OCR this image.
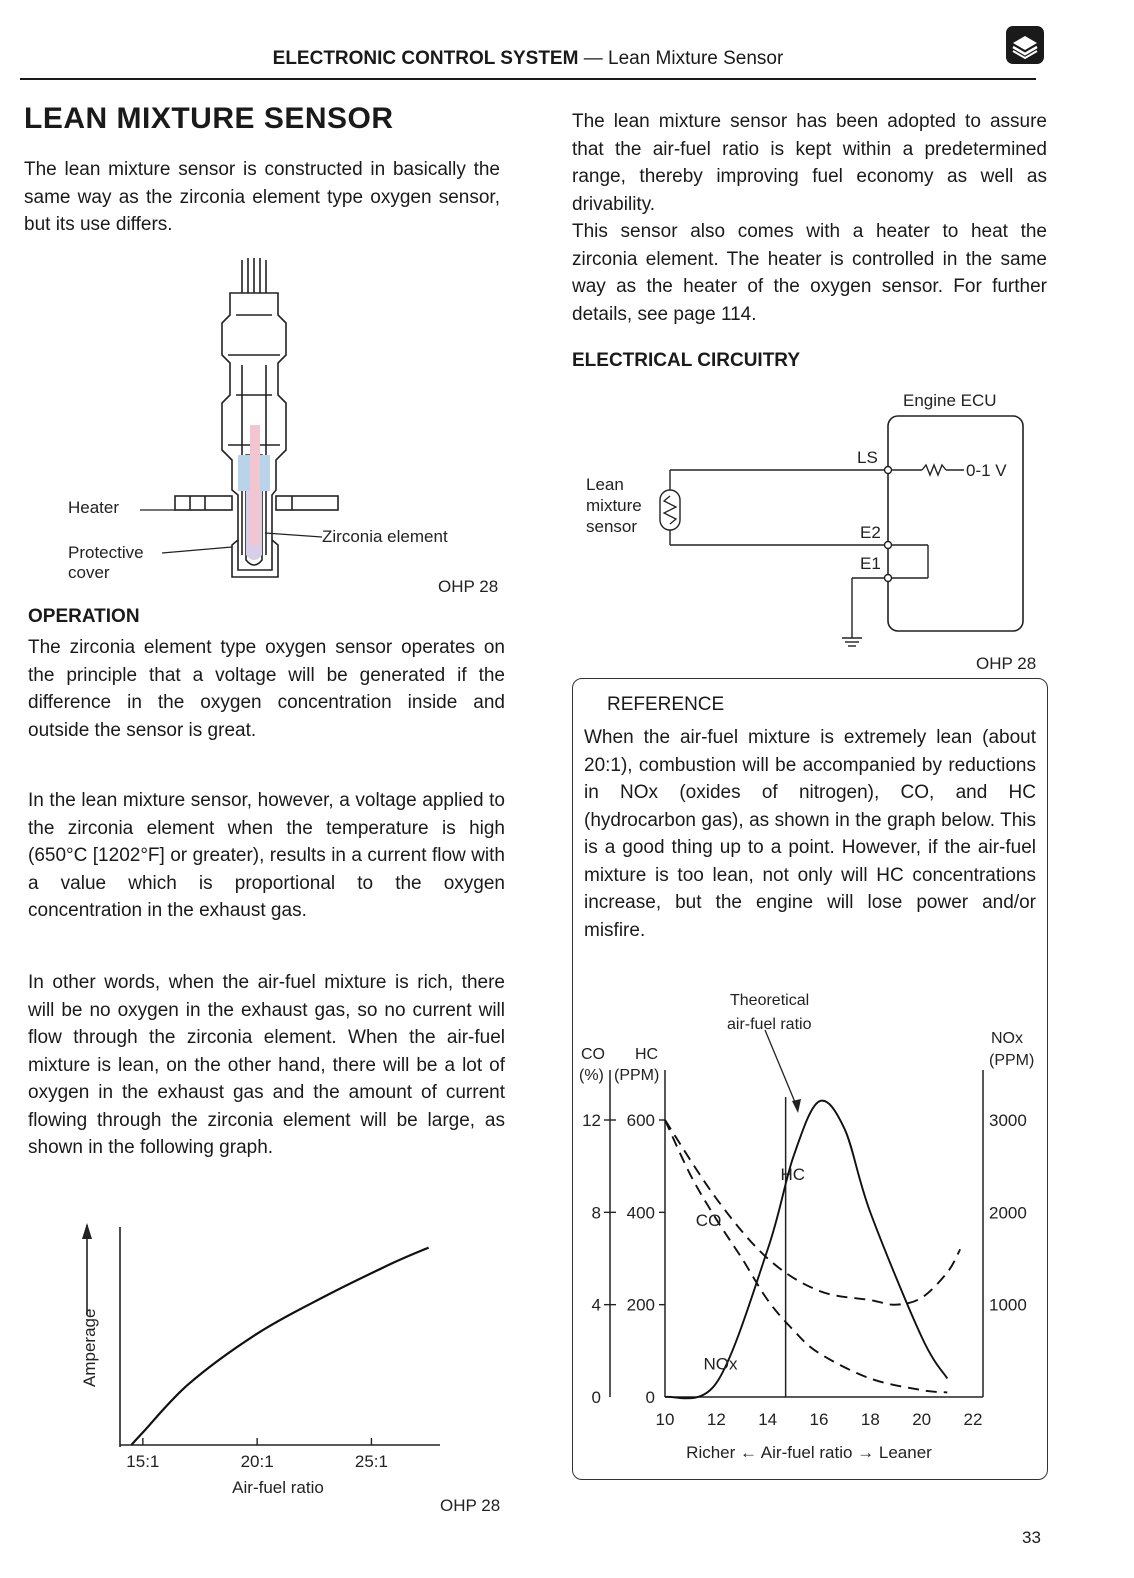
ELECTRONIC CONTROL SYSTEM — Lean Mixture Sensor
LEAN MIXTURE SENSOR
The lean mixture sensor is constructed in basically the same way as the zirconia element type oxygen sensor, but its use differs.
Heater
Zirconia element
Protective
cover
OHP 28
OPERATION
The zirconia element type oxygen sensor operates on the principle that a voltage will be generated if the difference in the oxygen concentration inside and outside the sensor is great.
In the lean mixture sensor, however, a voltage applied to the zirconia element when the temperature is high (650°C [1202°F] or greater), results in a current flow with a value which is proportional to the oxygen concentration in the exhaust gas.
In other words, when the air-fuel mixture is rich, there will be no oxygen in the exhaust gas, so no current will flow through the zirconia element. When the air-fuel mixture is lean, on the other hand, there will be a lot of oxygen in the exhaust gas and the amount of current flowing through the zirconia element will be large, as shown in the following graph.
Amperage
Air-fuel ratio
OHP 28
15:1	20:1	25:1
The lean mixture sensor has been adopted to assure that the air-fuel ratio is kept within a predetermined range, thereby improving fuel economy as well as drivability.
This sensor also comes with a heater to heat the zirconia element. The heater is controlled in the same way as the heater of the oxygen sensor. For further details, see page 114.
ELECTRICAL CIRCUITRY
Engine ECU
LS
E2
E1
0-1 V
Lean
mixture
sensor
OHP 28
REFERENCE
When the air-fuel mixture is extremely lean (about 20:1), combustion will be accompanied by reductions in NOx (oxides of nitrogen), CO, and HC (hydrocarbon gas), as shown in the graph below. This is a good thing up to a point. However, if the air-fuel mixture is too lean, not only will HC concentrations increase, but the engine will lose power and/or misfire.
Theoretical
air-fuel ratio
CO
(%)
HC
(PPM)
NOx
(PPM)
Richer ← Air-fuel ratio → Leaner
10 12 14 16 18 20 22
12 600
8 400
4 200
0	0
3000
2000
1000
HC
CO
NOx
33
